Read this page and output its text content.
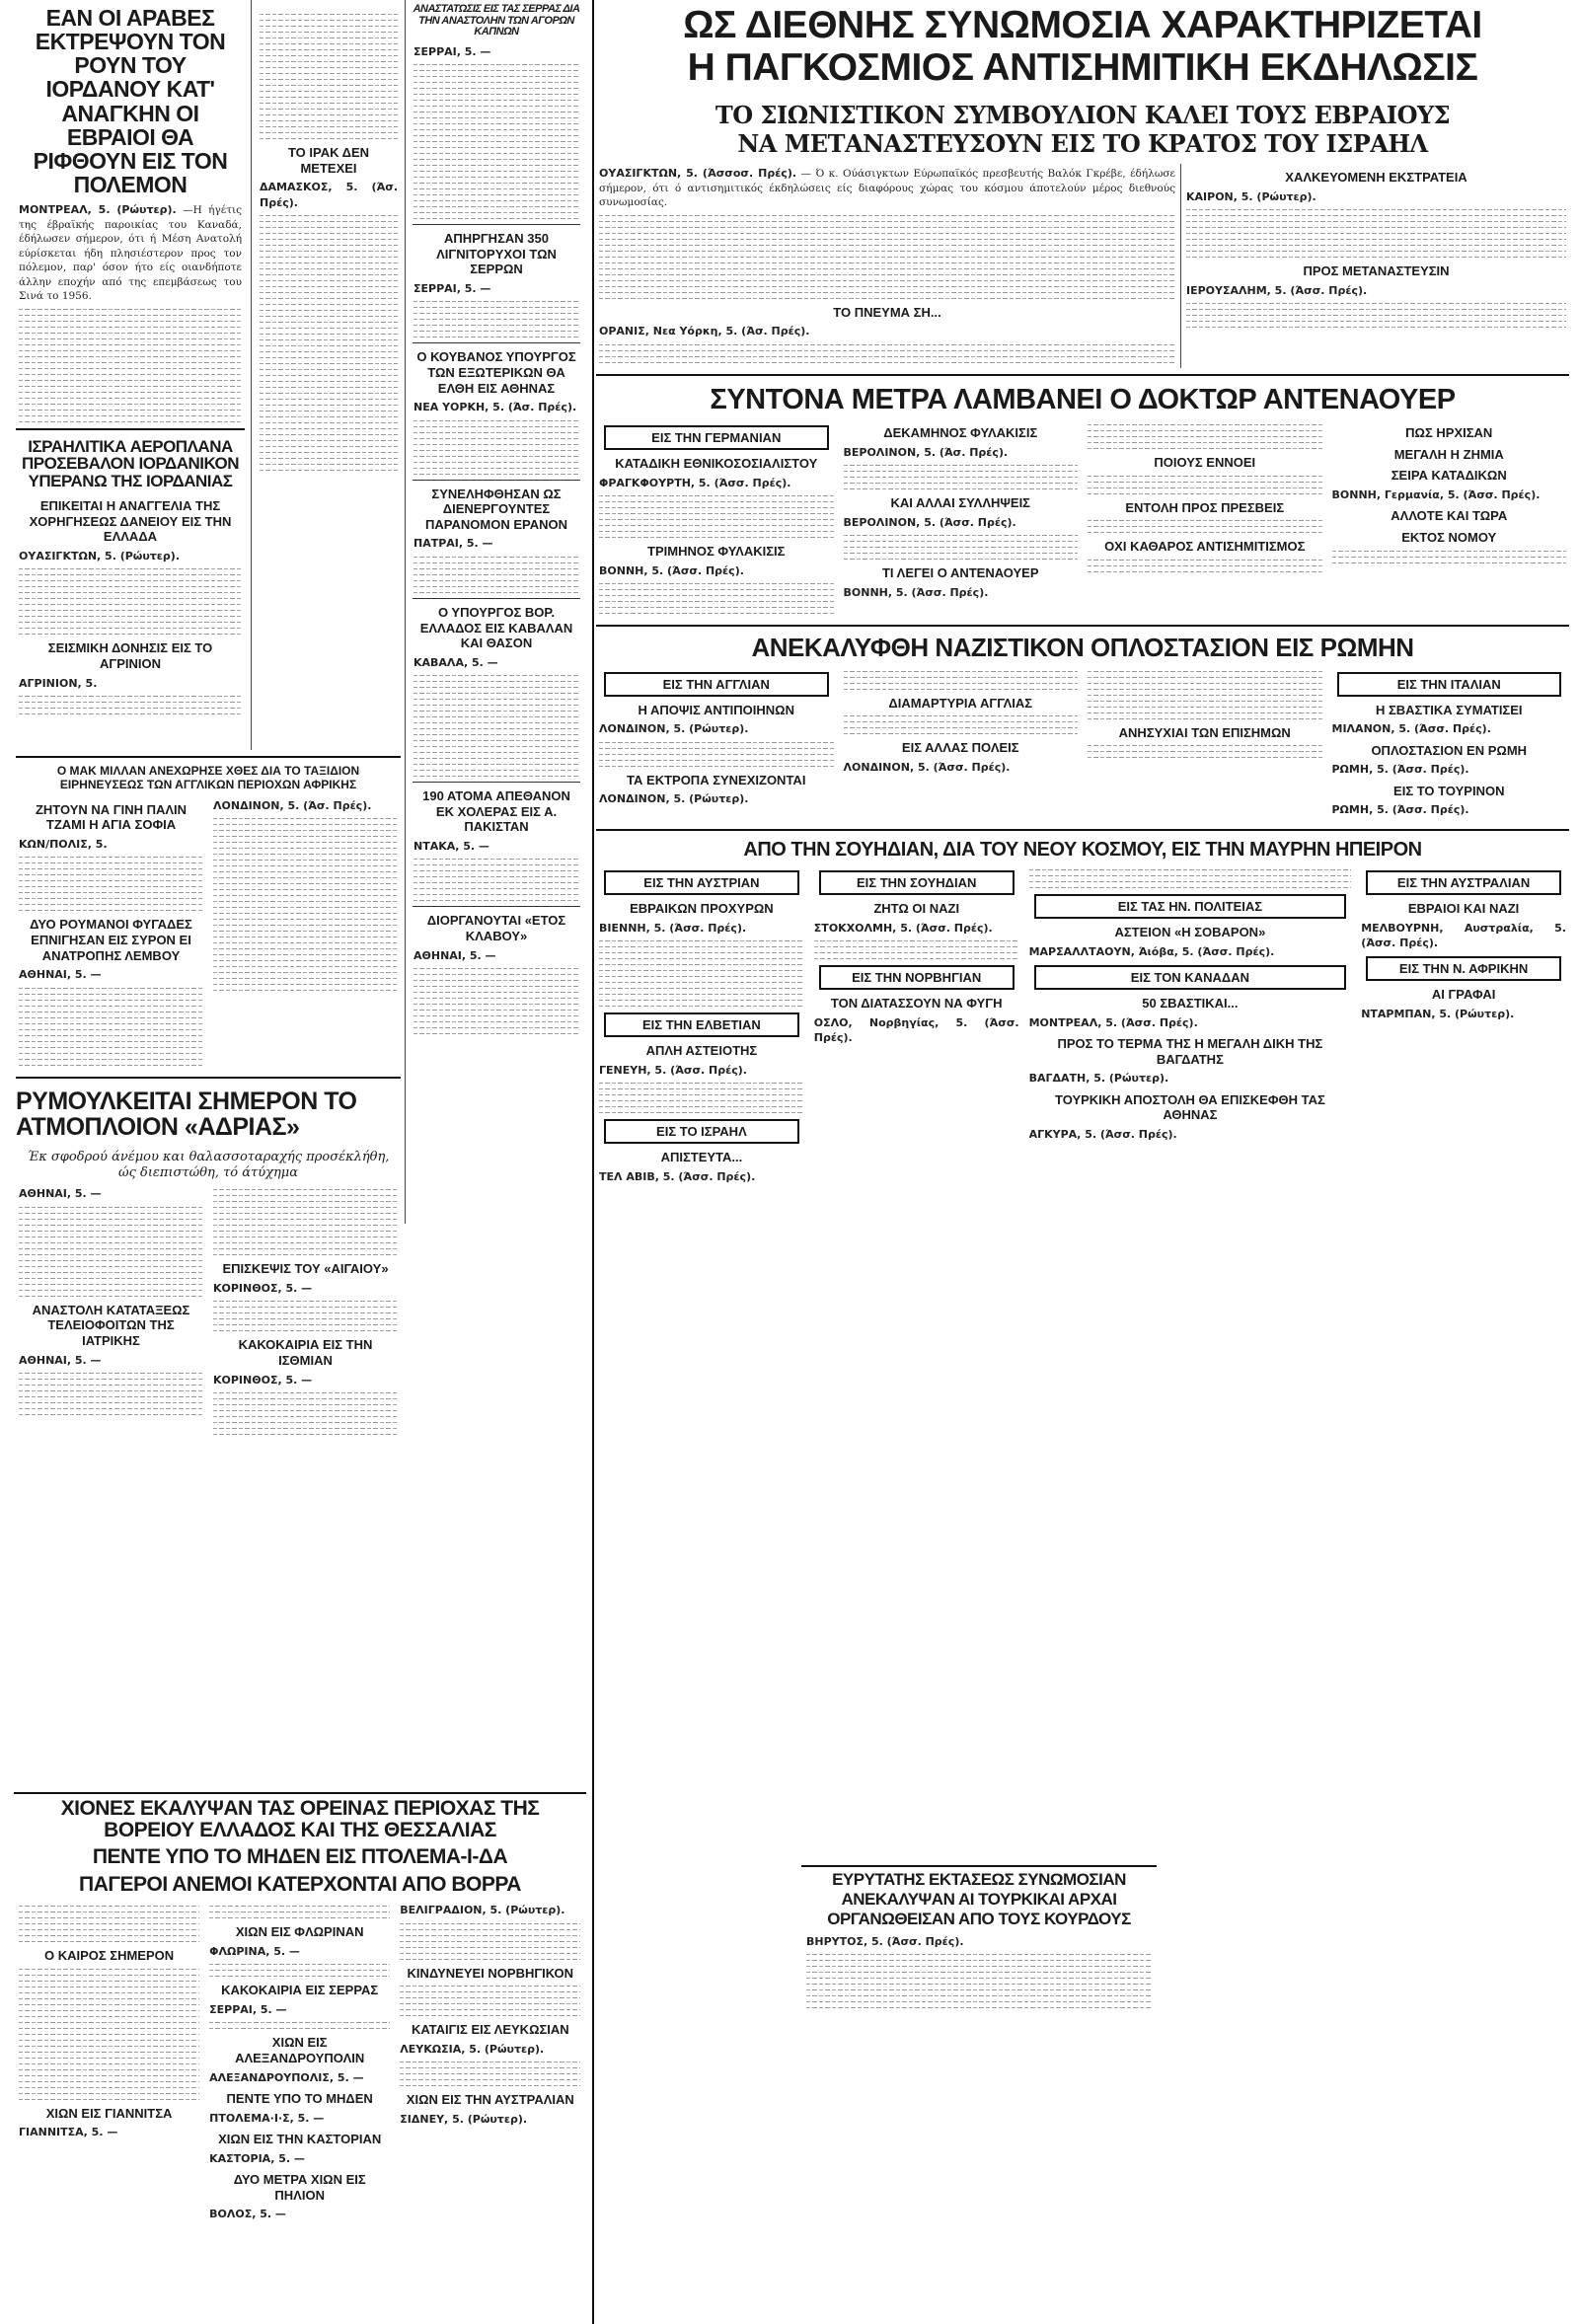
ΕΑΝ ΟΙ ΑΡΑΒΕΣ ΕΚΤΡΕΨΟΥΝ ΤΟΝ ΡΟΥΝ ΤΟΥ ΙΟΡΔΑΝΟΥ ΚΑΤ' ΑΝΑΓΚΗΝ ΟΙ ΕΒΡΑΙΟΙ ΘΑ ΡΙΦΘΟΥΝ ΕΙΣ ΤΟΝ ΠΟΛΕΜΟΝ
ΜΟΝΤΡΕΑΛ, 5. (Ρώυτερ). —Η ήγέτις της έβραϊκής παροικίας του Καναδά, έδήλωσεν σήμερον, ότι ή Μέση Ανατολή εύρίσκεται ήδη πλησιέστερον προς τον πόλεμον, παρ' όσον ήτο είς οιανδήποτε άλλην εποχήν από της επεμβάσεως του Σινά το 1956.
ΙΣΡΑΗΛΙΤΙΚΑ ΑΕΡΟΠΛΑΝΑ ΠΡΟΣΕΒΑΛΟΝ ΙΟΡΔΑΝΙΚΟΝ ΥΠΕΡΑΝΩ ΤΗΣ ΙΟΡΔΑΝΙΑΣ
ΕΠΙΚΕΙΤΑΙ Η ΑΝΑΓΓΕΛΙΑ ΤΗΣ ΧΟΡΗΓΗΣΕΩΣ ΔΑΝΕΙΟΥ ΕΙΣ ΤΗΝ ΕΛΛΑΔΑ
ΟΥΑΣΙΓΚΤΩΝ, 5. (Ρώυτερ).
ΣΕΙΣΜΙΚΗ ΔΟΝΗΣΙΣ ΕΙΣ ΤΟ ΑΓΡΙΝΙΟΝ
ΑΓΡΙΝΙΟΝ, 5.
ΤΟ ΙΡΑΚ ΔΕΝ ΜΕΤΕΧΕΙ
ΔΑΜΑΣΚΟΣ, 5. (Άσ. Πρές).
ΑΝΑΣΤΑΤΩΣΙΣ ΕΙΣ ΤΑΣ ΣΕΡΡΑΣ ΔΙΑ ΤΗΝ ΑΝΑΣΤΟΛΗΝ ΤΩΝ ΑΓΟΡΩΝ ΚΑΠΝΩΝ
ΣΕΡΡΑΙ, 5. —
ΑΠΗΡΓΗΣΑΝ 350 ΛΙΓΝΙΤΟΡΥΧΟΙ ΤΩΝ ΣΕΡΡΩΝ
ΣΕΡΡΑΙ, 5. —
Ο ΚΟΥΒΑΝΟΣ ΥΠΟΥΡΓΟΣ ΤΩΝ ΕΞΩΤΕΡΙΚΩΝ ΘΑ ΕΛΘΗ ΕΙΣ ΑΘΗΝΑΣ
ΝΕΑ ΥΟΡΚΗ, 5. (Άσ. Πρές).
ΣΥΝΕΛΗΦΘΗΣΑΝ ΩΣ ΔΙΕΝΕΡΓΟΥΝΤΕΣ ΠΑΡΑΝΟΜΟΝ ΕΡΑΝΟΝ
ΠΑΤΡΑΙ, 5. —
Ο ΥΠΟΥΡΓΟΣ ΒΟΡ. ΕΛΛΑΔΟΣ ΕΙΣ ΚΑΒΑΛΑΝ ΚΑΙ ΘΑΣΟΝ
ΚΑΒΑΛΑ, 5. —
190 ΑΤΟΜΑ ΑΠΕΘΑΝΟΝ ΕΚ ΧΟΛΕΡΑΣ ΕΙΣ Α. ΠΑΚΙΣΤΑΝ
ΝΤΑΚΑ, 5. —
ΔΙΟΡΓΑΝΟΥΤΑΙ «ΕΤΟΣ ΚΛΑΒΟΥ»
ΑΘΗΝΑΙ, 5. —
Ο ΜΑΚ ΜΙΛΛΑΝ ΑΝΕΧΩΡΗΣΕ ΧΘΕΣ ΔΙΑ ΤΟ ΤΑΞΙΔΙΟΝ ΕΙΡΗΝΕΥΣΕΩΣ ΤΩΝ ΑΓΓΛΙΚΩΝ ΠΕΡΙΟΧΩΝ ΑΦΡΙΚΗΣ
ΖΗΤΟΥΝ ΝΑ ΓΙΝΗ ΠΑΛΙΝ ΤΖΑΜΙ Η ΑΓΙΑ ΣΟΦΙΑ
ΚΩΝ/ΠΟΛΙΣ, 5.
ΔΥΟ ΡΟΥΜΑΝΟΙ ΦΥΓΑΔΕΣ ΕΠΝΙΓΗΣΑΝ ΕΙΣ ΣΥΡΟΝ ΕΙ ΑΝΑΤΡΟΠΗΣ ΛΕΜΒΟΥ
ΑΘΗΝΑΙ, 5. —
ΛΟΝΔΙΝΟΝ, 5. (Άσ. Πρές).
ΡΥΜΟΥΛΚΕΙΤΑΙ ΣΗΜΕΡΟΝ ΤΟ ΑΤΜΟΠΛΟΙΟΝ «ΑΔΡΙΑΣ»
Έκ σφοδρού άνέμου και θαλασσοταραχής προσέκλήθη, ώς διεπιστώθη, τό άτύχημα
ΑΘΗΝΑΙ, 5. —
ΑΝΑΣΤΟΛΗ ΚΑΤΑΤΑΞΕΩΣ ΤΕΛΕΙΟΦΟΙΤΩΝ ΤΗΣ ΙΑΤΡΙΚΗΣ
ΑΘΗΝΑΙ, 5. —
ΕΠΙΣΚΕΨΙΣ ΤΟΥ «ΑΙΓΑΙΟΥ»
ΚΟΡΙΝΘΟΣ, 5. —
ΚΑΚΟΚΑΙΡΙΑ ΕΙΣ ΤΗΝ ΙΣΘΜΙΑΝ
ΚΟΡΙΝΘΟΣ, 5. —
ΧΙΟΝΕΣ ΕΚΑΛΥΨΑΝ ΤΑΣ ΟΡΕΙΝΑΣ ΠΕΡΙΟΧΑΣ ΤΗΣ ΒΟΡΕΙΟΥ ΕΛΛΑΔΟΣ ΚΑΙ ΤΗΣ ΘΕΣΣΑΛΙΑΣ
ΠΕΝΤΕ ΥΠΟ ΤΟ ΜΗΔΕΝ ΕΙΣ ΠΤΟΛΕΜΑ-Ι-ΔΑ
ΠΑΓΕΡΟΙ ΑΝΕΜΟΙ ΚΑΤΕΡΧΟΝΤΑΙ ΑΠΟ ΒΟΡΡΑ
Ο ΚΑΙΡΟΣ ΣΗΜΕΡΟΝ
ΧΙΩΝ ΕΙΣ ΓΙΑΝΝΙΤΣΑ
ΓΙΑΝΝΙΤΣΑ, 5. —
ΧΙΩΝ ΕΙΣ ΦΛΩΡΙΝΑΝ
ΦΛΩΡΙΝΑ, 5. —
ΚΑΚΟΚΑΙΡΙΑ ΕΙΣ ΣΕΡΡΑΣ
ΣΕΡΡΑΙ, 5. —
ΧΙΩΝ ΕΙΣ ΑΛΕΞΑΝΔΡΟΥΠΟΛΙΝ
ΑΛΕΞΑΝΔΡΟΥΠΟΛΙΣ, 5. —
ΠΕΝΤΕ ΥΠΟ ΤΟ ΜΗΔΕΝ
ΠΤΟΛΕΜΑ·Ι·Σ, 5. —
ΧΙΩΝ ΕΙΣ ΤΗΝ ΚΑΣΤΟΡΙΑΝ
ΚΑΣΤΟΡΙΑ, 5. —
ΔΥΟ ΜΕΤΡΑ ΧΙΩΝ ΕΙΣ ΠΗΛΙΟΝ
ΒΟΛΟΣ, 5. —
ΒΕΛΙΓΡΑΔΙΟΝ, 5. (Ρώυτερ).
ΚΙΝΔΥΝΕΥΕΙ ΝΟΡΒΗΓΙΚΟΝ
ΚΑΤΑΙΓΙΣ ΕΙΣ ΛΕΥΚΩΣΙΑΝ
ΛΕΥΚΩΣΙΑ, 5. (Ρώυτερ).
ΧΙΩΝ ΕΙΣ ΤΗΝ ΑΥΣΤΡΑΛΙΑΝ
ΣΙΔΝΕΥ, 5. (Ρώυτερ).
ΩΣ ΔΙΕΘΝΗΣ ΣΥΝΩΜΟΣΙΑ ΧΑΡΑΚΤΗΡΙΖΕΤΑΙ
Η ΠΑΓΚΟΣΜΙΟΣ ΑΝΤΙΣΗΜΙΤΙΚΗ ΕΚΔΗΛΩΣΙΣ
ΤΟ ΣΙΩΝΙΣΤΙΚΟΝ ΣΥΜΒΟΥΛΙΟΝ ΚΑΛΕΙ ΤΟΥΣ ΕΒΡΑΙΟΥΣ
ΝΑ ΜΕΤΑΝΑΣΤΕΥΣΟΥΝ ΕΙΣ ΤΟ ΚΡΑΤΟΣ ΤΟΥ ΙΣΡΑΗΛ
ΟΥΑΣΙΓΚΤΩΝ, 5. (Άσσοσ. Πρές). — Ό κ. Ούάσιγκτων Εύρωπαϊκός πρεσβευτής Βαλόκ Γκρέβε, έδήλωσε σήμερον, ότι ό αντισημιτικός έκδηλώσεις είς διαφόρους χώρας του κόσμου άποτελούν μέρος διεθνούς συνωμοσίας.
ΤΟ ΠΝΕΥΜΑ ΣΗ...
ΟΡΑΝΙΣ, Νεα Υόρκη, 5. (Άσ. Πρές).
ΧΑΛΚΕΥΟΜΕΝΗ ΕΚΣΤΡΑΤΕΙΑ
ΚΑΙΡΟΝ, 5. (Ρώυτερ).
ΠΡΟΣ ΜΕΤΑΝΑΣΤΕΥΣΙΝ
ΙΕΡΟΥΣΑΛΗΜ, 5. (Άσσ. Πρές).
ΣΥΝΤΟΝΑ ΜΕΤΡΑ ΛΑΜΒΑΝΕΙ Ο ΔΟΚΤΩΡ ΑΝΤΕΝΑΟΥΕΡ
ΕΙΣ ΤΗΝ ΓΕΡΜΑΝΙΑΝ
ΚΑΤΑΔΙΚΗ ΕΘΝΙΚΟΣΟΣΙΑΛΙΣΤΟΥ
ΦΡΑΓΚΦΟΥΡΤΗ, 5. (Άσσ. Πρές).
ΤΡΙΜΗΝΟΣ ΦΥΛΑΚΙΣΙΣ
ΒΟΝΝΗ, 5. (Άσσ. Πρές).
ΔΕΚΑΜΗΝΟΣ ΦΥΛΑΚΙΣΙΣ
ΒΕΡΟΛΙΝΟΝ, 5. (Άσ. Πρές).
ΚΑΙ ΑΛΛΑΙ ΣΥΛΛΗΨΕΙΣ
ΒΕΡΟΛΙΝΟΝ, 5. (Άσσ. Πρές).
ΤΙ ΛΕΓΕΙ Ο ΑΝΤΕΝΑΟΥΕΡ
ΒΟΝΝΗ, 5. (Άσσ. Πρές).
ΠΟΙΟΥΣ ΕΝΝΟΕΙ
ΕΝΤΟΛΗ ΠΡΟΣ ΠΡΕΣΒΕΙΣ
ΟΧΙ ΚΑΘΑΡΟΣ ΑΝΤΙΣΗΜΙΤΙΣΜΟΣ
ΠΩΣ ΗΡΧΙΣΑΝ
ΜΕΓΑΛΗ Η ΖΗΜΙΑ
ΣΕΙΡΑ ΚΑΤΑΔΙΚΩΝ
ΒΟΝΝΗ, Γερμανία, 5. (Άσσ. Πρές).
ΑΛΛΟΤΕ ΚΑΙ ΤΩΡΑ
ΕΚΤΟΣ ΝΟΜΟΥ
ΑΝΕΚΑΛΥΦΘΗ ΝΑΖΙΣΤΙΚΟΝ ΟΠΛΟΣΤΑΣΙΟΝ ΕΙΣ ΡΩΜΗΝ
ΕΙΣ ΤΗΝ ΑΓΓΛΙΑΝ
Η ΑΠΟΨΙΣ ΑΝΤΙΠΟΙΗΝΩΝ
ΛΟΝΔΙΝΟΝ, 5. (Ρώυτερ).
ΤΑ ΕΚΤΡΟΠΑ ΣΥΝΕΧΙΖΟΝΤΑΙ
ΛΟΝΔΙΝΟΝ, 5. (Ρώυτερ).
ΔΙΑΜΑΡΤΥΡΙΑ ΑΓΓΛΙΑΣ
ΕΙΣ ΑΛΛΑΣ ΠΟΛΕΙΣ
ΛΟΝΔΙΝΟΝ, 5. (Άσσ. Πρές).
ΑΝΗΣΥΧΙΑΙ ΤΩΝ ΕΠΙΣΗΜΩΝ
ΕΙΣ ΤΗΝ ΙΤΑΛΙΑΝ
Η ΣΒΑΣΤΙΚΑ ΣΥΜΑΤΙΣΕΙ
ΜΙΛΑΝΟΝ, 5. (Άσσ. Πρές).
ΟΠΛΟΣΤΑΣΙΟΝ ΕΝ ΡΩΜΗ
ΡΩΜΗ, 5. (Άσσ. Πρές).
ΕΙΣ ΤΟ ΤΟΥΡΙΝΟΝ
ΡΩΜΗ, 5. (Άσσ. Πρές).
ΑΠΟ ΤΗΝ ΣΟΥΗΔΙΑΝ, ΔΙΑ ΤΟΥ ΝΕΟΥ ΚΟΣΜΟΥ, ΕΙΣ ΤΗΝ ΜΑΥΡΗΝ ΗΠΕΙΡΟΝ
ΕΙΣ ΤΗΝ ΑΥΣΤΡΙΑΝ
ΕΒΡΑΙΚΩΝ ΠΡΟΧΥΡΩΝ
ΒΙΕΝΝΗ, 5. (Άσσ. Πρές).
ΕΙΣ ΤΗΝ ΕΛΒΕΤΙΑΝ
ΑΠΛΗ ΑΣΤΕΙΟΤΗΣ
ΓΕΝΕΥΗ, 5. (Άσσ. Πρές).
ΕΙΣ ΤΟ ΙΣΡΑΗΛ
ΑΠΙΣΤΕΥΤΑ...
ΤΕΛ ΑΒΙΒ, 5. (Άσσ. Πρές).
ΕΙΣ ΤΗΝ ΣΟΥΗΔΙΑΝ
ΖΗΤΩ ΟΙ ΝΑΖΙ
ΣΤΟΚΧΟΛΜΗ, 5. (Άσσ. Πρές).
ΕΙΣ ΤΗΝ ΝΟΡΒΗΓΙΑΝ
ΤΟΝ ΔΙΑΤΑΣΣΟΥΝ ΝΑ ΦΥΓΗ
ΟΣΛΟ, Νορβηγίας, 5. (Άσσ. Πρές).
ΕΙΣ ΤΑΣ ΗΝ. ΠΟΛΙΤΕΙΑΣ
ΑΣΤΕΙΟΝ «Η ΣΟΒΑΡΟΝ»
ΜΑΡΣΑΛΛΤΑΟΥΝ, Άιόβα, 5. (Άσσ. Πρές).
ΕΙΣ ΤΟΝ ΚΑΝΑΔΑΝ
50 ΣΒΑΣΤΙΚΑΙ...
ΜΟΝΤΡΕΑΛ, 5. (Άσσ. Πρές).
ΠΡΟΣ ΤΟ ΤΕΡΜΑ ΤΗΣ Η ΜΕΓΑΛΗ ΔΙΚΗ ΤΗΣ ΒΑΓΔΑΤΗΣ
ΒΑΓΔΑΤΗ, 5. (Ρώυτερ).
ΤΟΥΡΚΙΚΗ ΑΠΟΣΤΟΛΗ ΘΑ ΕΠΙΣΚΕΦΘΗ ΤΑΣ ΑΘΗΝΑΣ
ΑΓΚΥΡΑ, 5. (Άσσ. Πρές).
ΕΙΣ ΤΗΝ ΑΥΣΤΡΑΛΙΑΝ
ΕΒΡΑΙΟΙ ΚΑΙ ΝΑΖΙ
ΜΕΛΒΟΥΡΝΗ, Αυστραλία, 5. (Άσσ. Πρές).
ΕΙΣ ΤΗΝ Ν. ΑΦΡΙΚΗΝ
ΑΙ ΓΡΑΦΑΙ
ΝΤΑΡΜΠΑΝ, 5. (Ρώυτερ).
ΕΥΡΥΤΑΤΗΣ ΕΚΤΑΣΕΩΣ ΣΥΝΩΜΟΣΙΑΝ
ΑΝΕΚΑΛΥΨΑΝ ΑΙ ΤΟΥΡΚΙΚΑΙ ΑΡΧΑΙ
ΟΡΓΑΝΩΘΕΙΣΑΝ ΑΠΟ ΤΟΥΣ ΚΟΥΡΔΟΥΣ
ΒΗΡΥΤΟΣ, 5. (Άσσ. Πρές).
